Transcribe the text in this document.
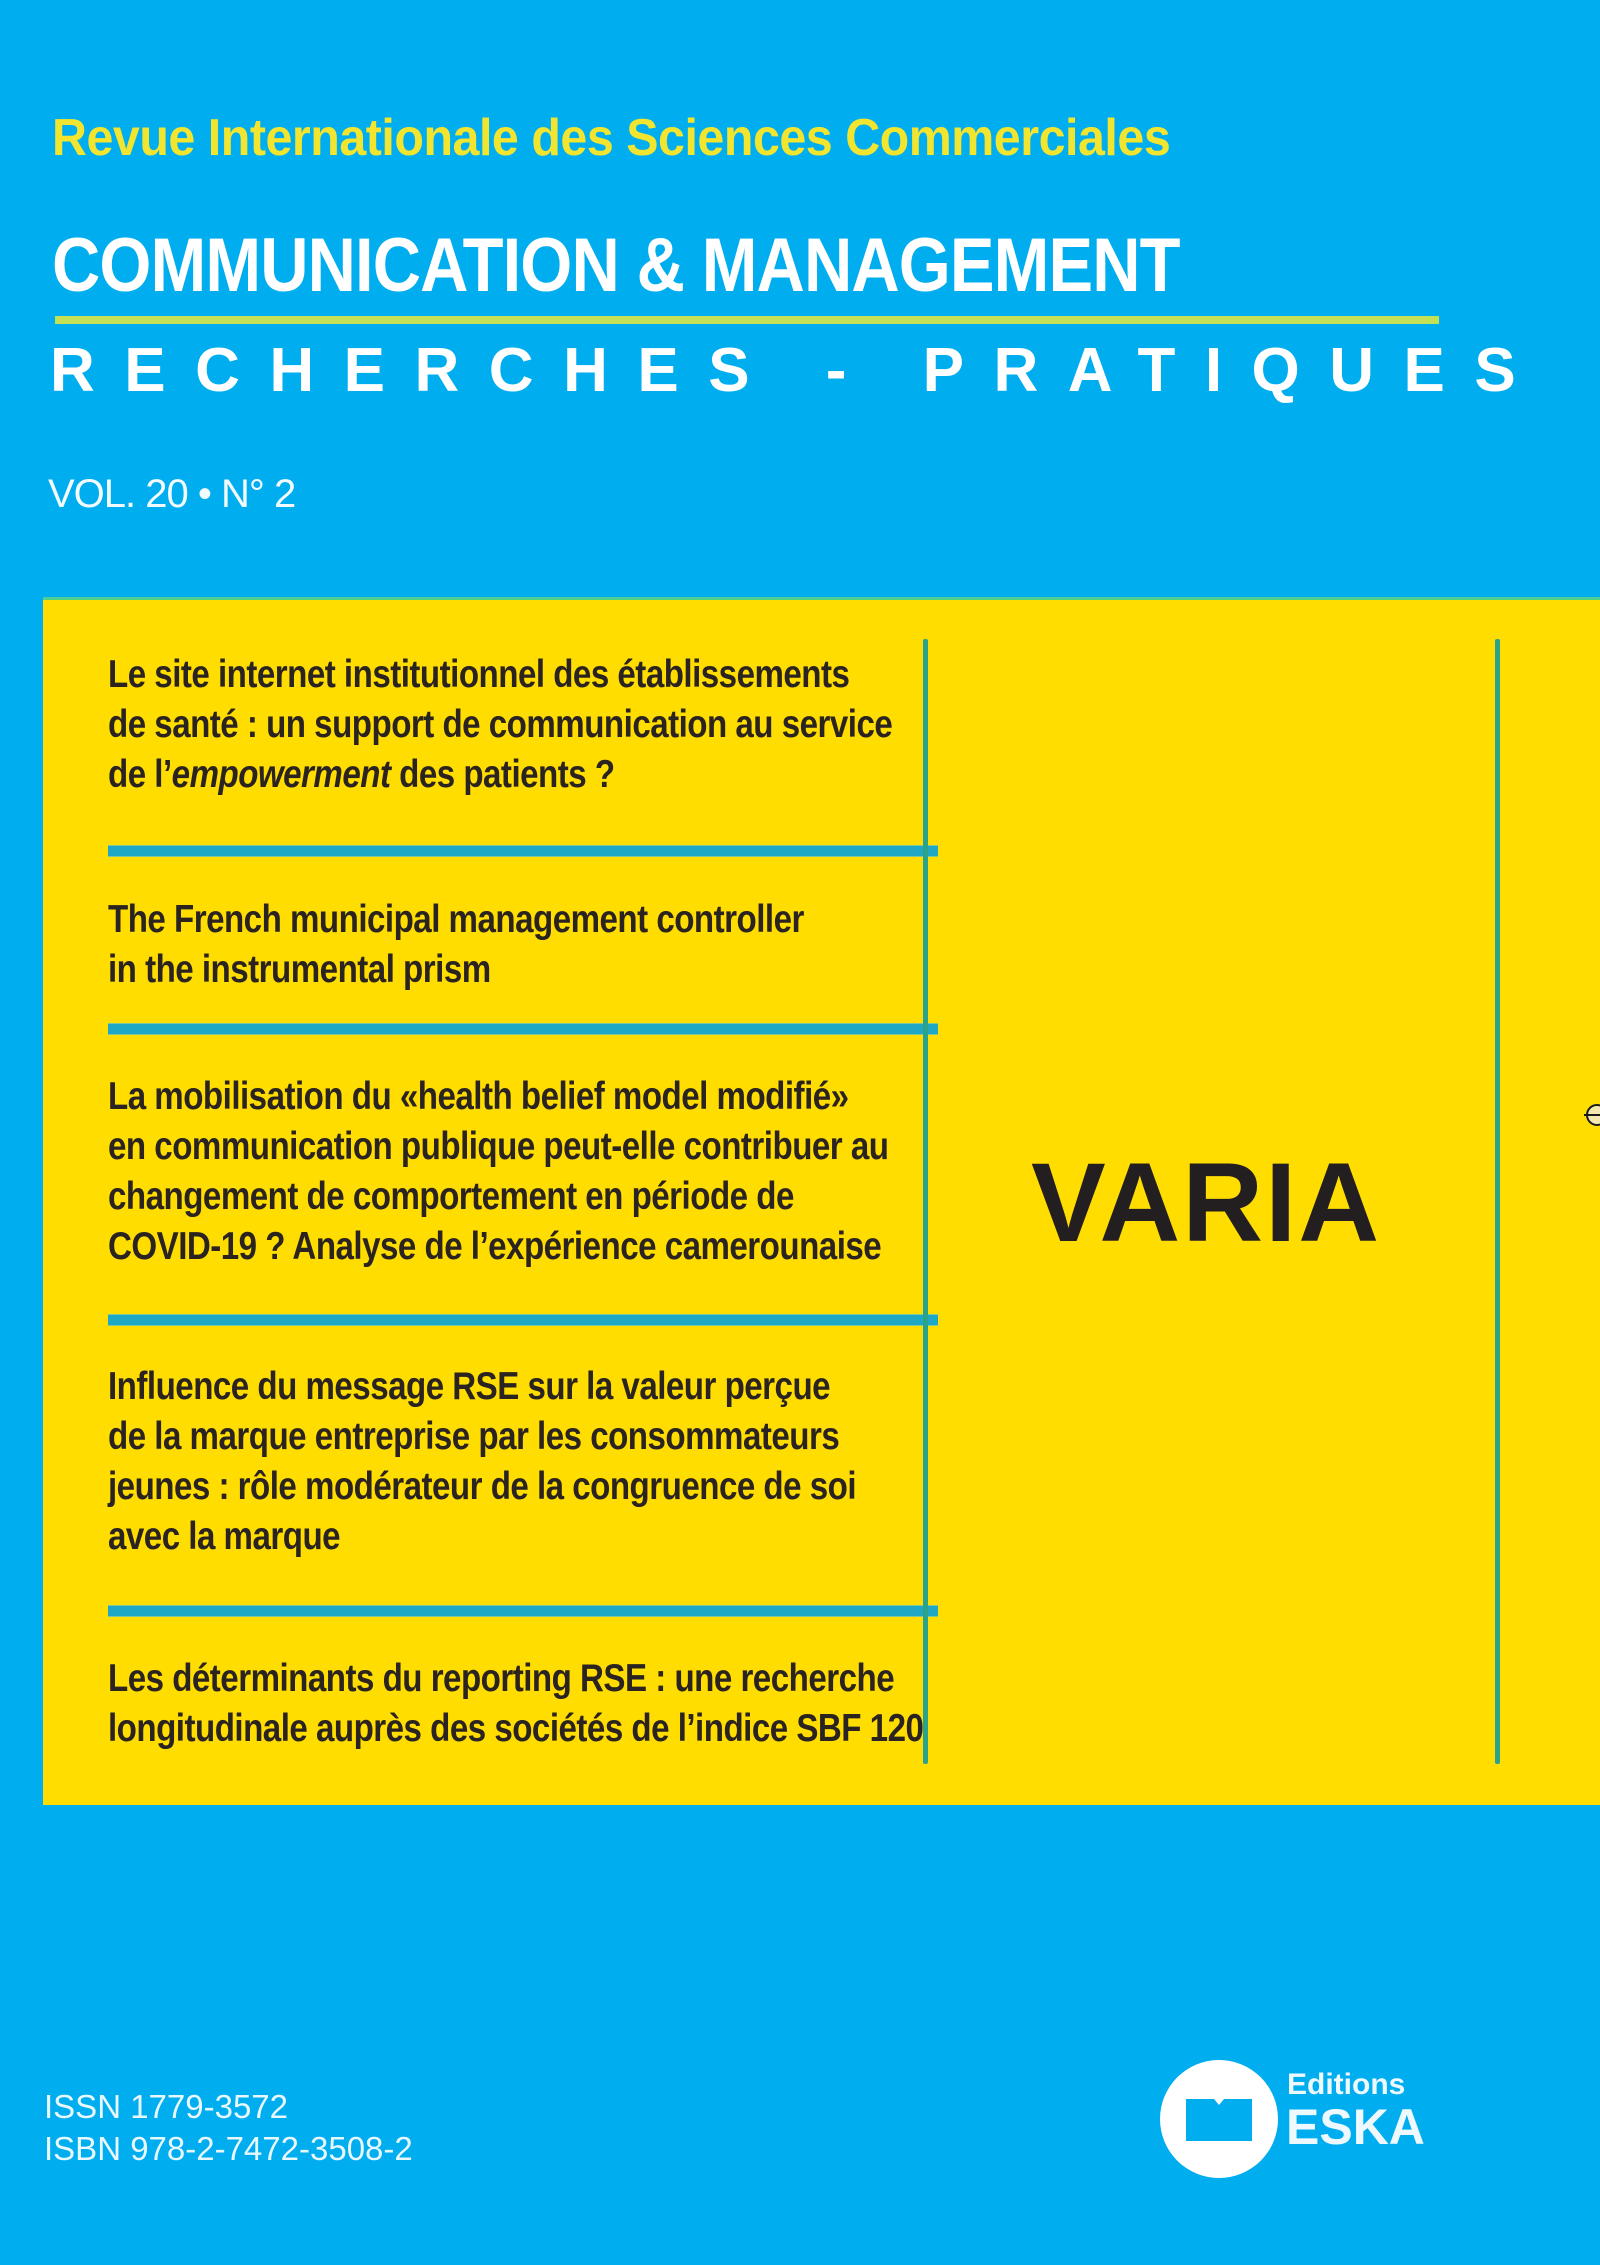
Revue Internationale des Sciences Commerciales
COMMUNICATION & MANAGEMENT
RECHERCHES - PRATIQUES
VOL. 20 • N° 2
Le site internet institutionnel des établissements
de santé : un support de communication au service
de l’empowerment des patients ?
The French municipal management controller
in the instrumental prism
La mobilisation du «health belief model modifié»
en communication publique peut-elle contribuer au
changement de comportement en période de
COVID-19 ? Analyse de l’expérience camerounaise
Influence du message RSE sur la valeur perçue
de la marque entreprise par les consommateurs
jeunes : rôle modérateur de la congruence de soi
avec la marque
Les déterminants du reporting RSE : une recherche
longitudinale auprès des sociétés de l’indice SBF 120
VARIA
ISSN 1779-3572
ISBN 978-2-7472-3508-2
Editions
ESKA
